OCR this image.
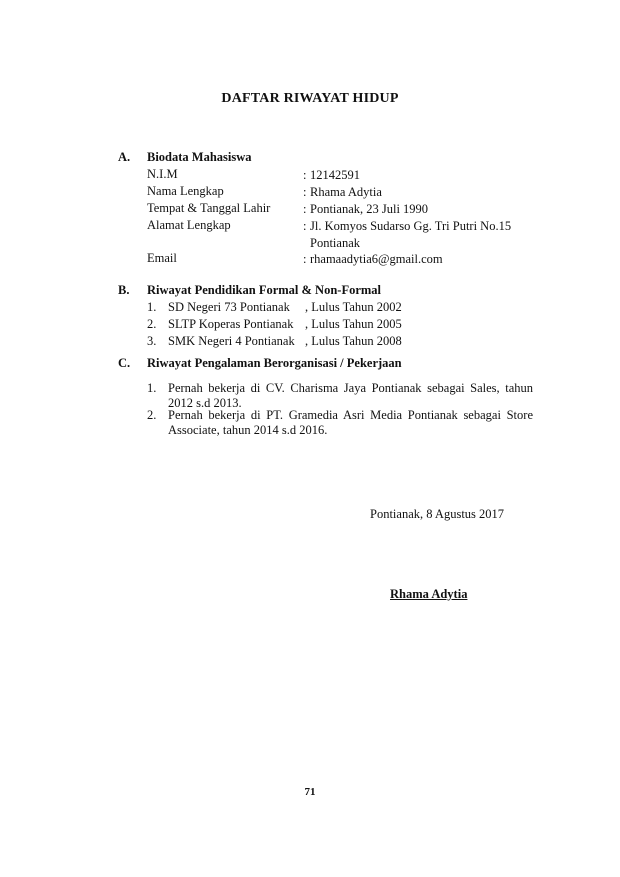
DAFTAR RIWAYAT HIDUP
A. Biodata Mahasiswa
N.I.M	: 12142591
Nama Lengkap	: Rhama Adytia
Tempat & Tanggal Lahir	: Pontianak, 23 Juli 1990
Alamat Lengkap	: Jl. Komyos Sudarso Gg. Tri Putri No.15
Pontianak
Email	: rhamaadytia6@gmail.com
B. Riwayat Pendidikan Formal & Non-Formal
1. SD Negeri 73 Pontianak , Lulus Tahun 2002
2. SLTP Koperas Pontianak , Lulus Tahun 2005
3. SMK Negeri 4 Pontianak , Lulus Tahun 2008
C. Riwayat Pengalaman Berorganisasi / Pekerjaan
1. Pernah bekerja di CV. Charisma Jaya Pontianak sebagai Sales, tahun 2012 s.d 2013.
2. Pernah bekerja di PT. Gramedia Asri Media Pontianak sebagai Store Associate, tahun 2014 s.d 2016.
Pontianak, 8 Agustus 2017
Rhama Adytia
71
